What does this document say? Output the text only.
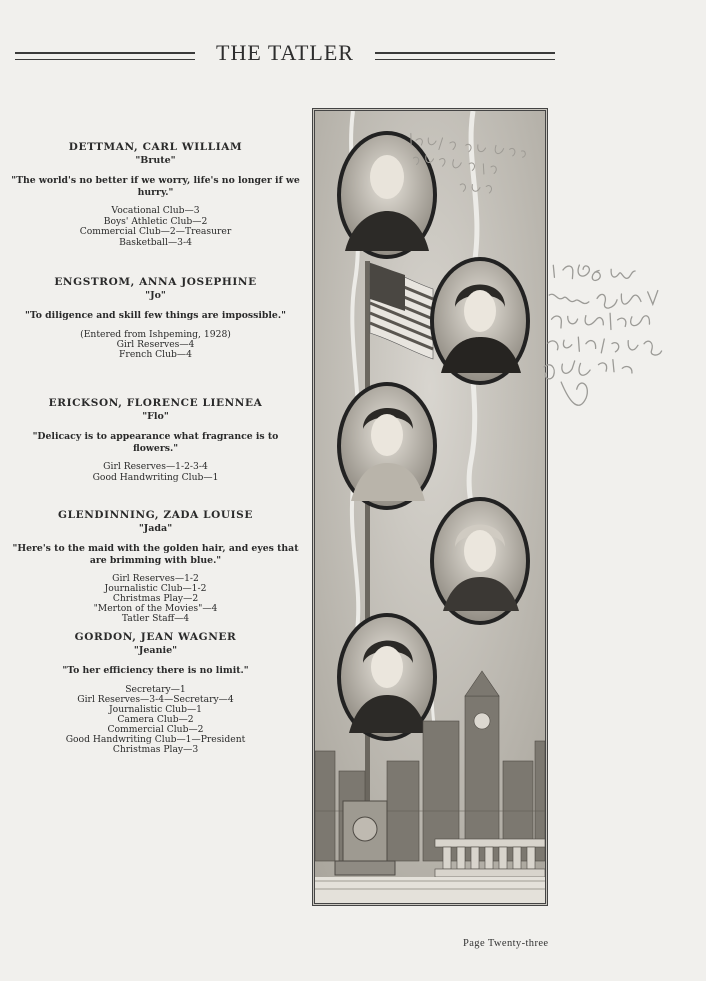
THE TATLER
DETTMAN, CARL WILLIAM
"Brute"
"The world's no better if we worry, life's no longer if we hurry."
Vocational Club—3
Boys' Athletic Club—2
Commercial Club—2—Treasurer
Basketball—3-4
ENGSTROM, ANNA JOSEPHINE
"Jo"
"To diligence and skill few things are impossible."
(Entered from Ishpeming, 1928)
Girl Reserves—4
French Club—4
ERICKSON, FLORENCE LIENNEA
"Flo"
"Delicacy is to appearance what fragrance is to flowers."
Girl Reserves—1-2-3-4
Good Handwriting Club—1
GLENDINNING, ZADA LOUISE
"Jada"
"Here's to the maid with the golden hair, and eyes that are brimming with blue."
Girl Reserves—1-2
Journalistic Club—1-2
Christmas Play—2
"Merton of the Movies"—4
Tatler Staff—4
GORDON, JEAN WAGNER
"Jeanie"
"To her efficiency there is no limit."
Secretary—1
Girl Reserves—3-4—Secretary—4
Journalistic Club—1
Camera Club—2
Commercial Club—2
Good Handwriting Club—1—President
Christmas Play—3
Page Twenty-three
